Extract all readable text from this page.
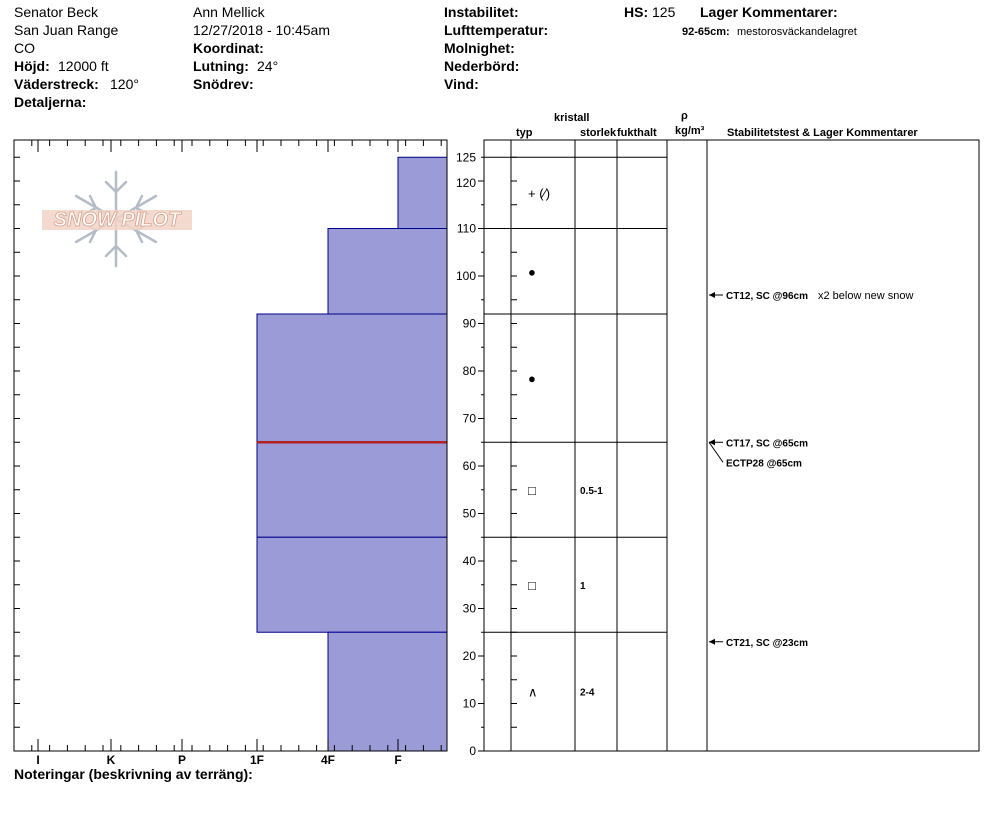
Senator Beck
San Juan Range
CO
Höjd: 12000 ft
Väderstreck: 120°
Detaljerna:
Ann Mellick
12/27/2018 - 10:45am
Koordinat:
Lutning: 24°
Snödrev:
Instabilitet:
Lufttemperatur:
Molnighet:
Nederbörd:
Vind:
HS: 125 Lager Kommentarer:
92-65cm: mestorosväckandelagret
kristall
typ	storlek fukthalt
ρ
kg/m³ Stabilitetstest & Lager Kommentarer
Noteringar (beskrivning av terräng):
SNOW PILOT
I	K	P	1F	4F	F
0
10
20
30
40
50
60
70
80
90
100
110
120
125
+ (⁄)
●
●
□	0.5-1
□	1
∧	2-4
CT12, SC @96cm x2 below new snow
CT17, SC @65cm
ECTP28 @65cm
CT21, SC @23cm
